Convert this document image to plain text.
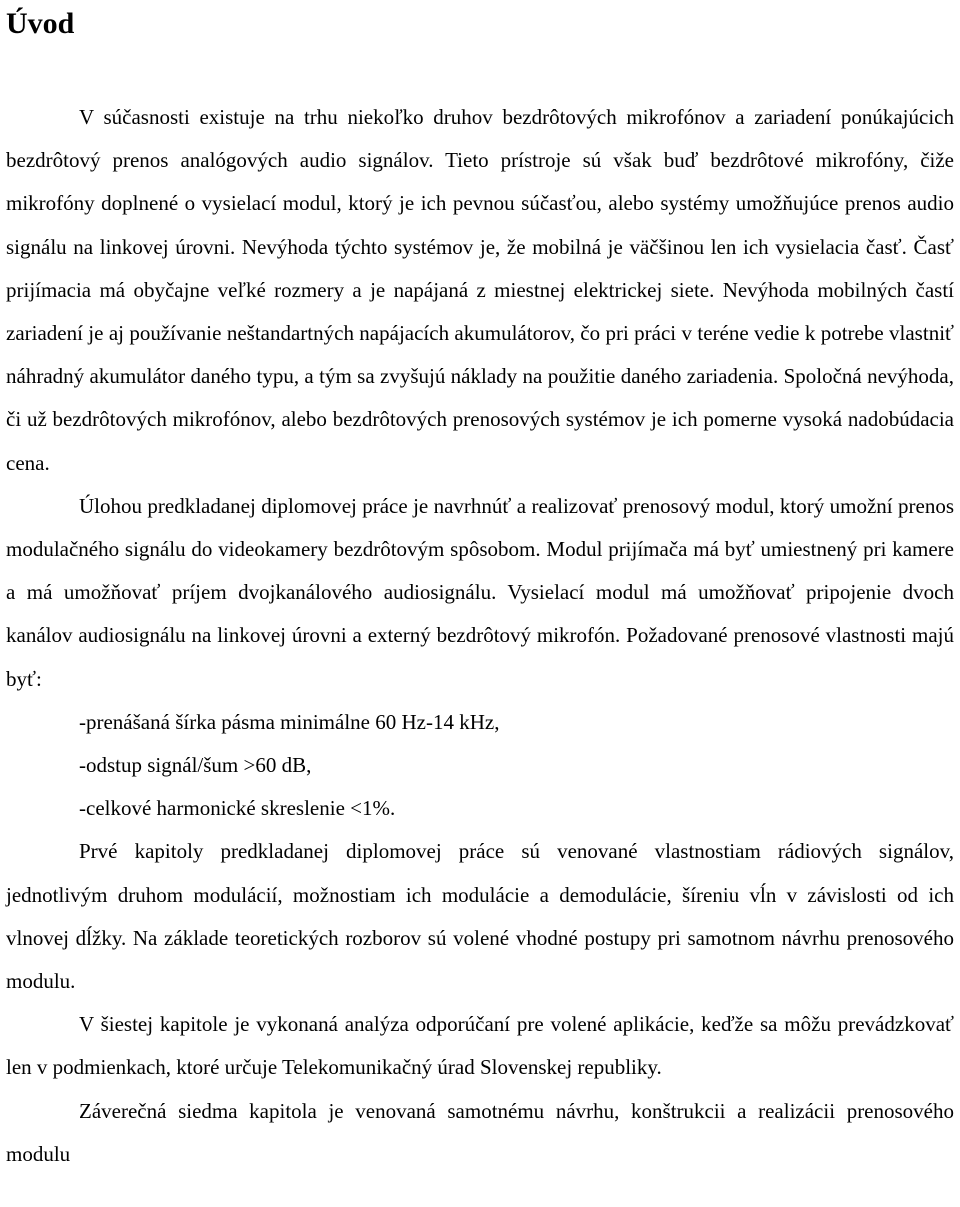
Úvod

V súčasnosti existuje na trhu niekoľko druhov bezdrôtových mikrofónov a zariadení ponúkajúcich bezdrôtový prenos analógových audio signálov. Tieto prístroje sú však buď bezdrôtové mikrofóny, čiže mikrofóny doplnené o vysielací modul, ktorý je ich pevnou súčasťou, alebo systémy umožňujúce prenos audio signálu na linkovej úrovni. Nevýhoda týchto systémov je, že mobilná je väčšinou len ich vysielacia časť. Časť prijímacia má obyčajne veľké rozmery a je napájaná z miestnej elektrickej siete. Nevýhoda mobilných častí zariadení je aj používanie neštandartných napájacích akumulátorov, čo pri práci v teréne vedie k potrebe vlastniť náhradný akumulátor daného typu, a tým sa zvyšujú náklady na použitie daného zariadenia. Spoločná nevýhoda, či už bezdrôtových mikrofónov, alebo bezdrôtových prenosových systémov je ich pomerne vysoká nadobúdacia cena.

Úlohou predkladanej diplomovej práce je navrhnúť a realizovať prenosový modul, ktorý umožní prenos modulačného signálu do videokamery bezdrôtovým spôsobom. Modul prijímača má byť umiestnený pri kamere a má umožňovať príjem dvojkanálového audiosignálu. Vysielací modul má umožňovať pripojenie dvoch kanálov audiosignálu na linkovej úrovni a externý bezdrôtový mikrofón. Požadované prenosové vlastnosti majú byť:

-prenášaná šírka pásma minimálne 60 Hz-14 kHz,

-odstup signál/šum >60 dB,

-celkové harmonické skreslenie <1%.

Prvé kapitoly predkladanej diplomovej práce sú venované vlastnostiam rádiových signálov, jednotlivým druhom modulácií, možnostiam ich modulácie a demodulácie, šíreniu vĺn v závislosti od ich vlnovej dĺžky. Na základe teoretických rozborov sú volené vhodné postupy pri samotnom návrhu prenosového modulu.

V šiestej kapitole je vykonaná analýza odporúčaní pre volené aplikácie, keďže sa môžu prevádzkovať len v podmienkach, ktoré určuje Telekomunikačný úrad Slovenskej republiky.

Záverečná siedma kapitola je venovaná samotnému návrhu, konštrukcii a realizácii prenosového modulu
